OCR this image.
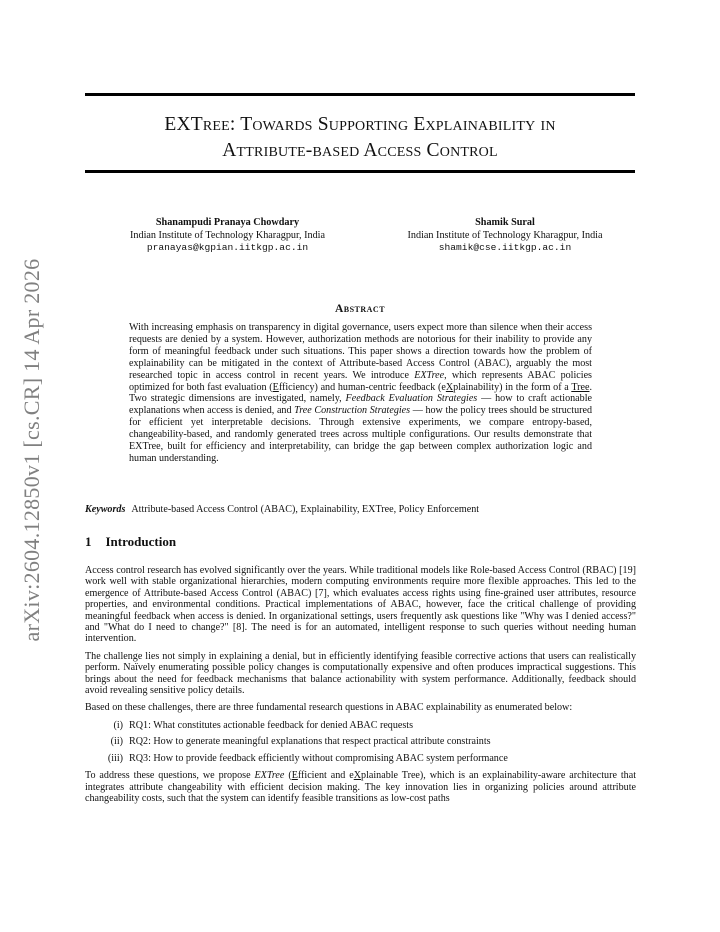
arXiv:2604.12850v1 [cs.CR] 14 Apr 2026
EXTree: Towards Supporting Explainability in
Attribute-based Access Control
Shanampudi Pranaya Chowdary
Indian Institute of Technology Kharagpur, India
pranayas@kgpian.iitkgp.ac.in
Shamik Sural
Indian Institute of Technology Kharagpur, India
shamik@cse.iitkgp.ac.in
Abstract
With increasing emphasis on transparency in digital governance, users expect more than silence when their access requests are denied by a system. However, authorization methods are notorious for their inability to provide any form of meaningful feedback under such situations. This paper shows a direction towards how the problem of explainability can be mitigated in the context of Attribute-based Access Control (ABAC), arguably the most researched topic in access control in recent years. We introduce EXTree, which represents ABAC policies optimized for both fast evaluation (Efficiency) and human-centric feedback (eXplainability) in the form of a Tree. Two strategic dimensions are investigated, namely, Feedback Evaluation Strategies — how to craft actionable explanations when access is denied, and Tree Construction Strategies — how the policy trees should be structured for efficient yet interpretable decisions. Through extensive experiments, we compare entropy-based, changeability-based, and randomly generated trees across multiple configurations. Our results demonstrate that EXTree, built for efficiency and interpretability, can bridge the gap between complex authorization logic and human understanding.
Keywords Attribute-based Access Control (ABAC), Explainability, EXTree, Policy Enforcement
1 Introduction

Access control research has evolved significantly over the years. While traditional models like Role-based Access Control (RBAC) [19] work well with stable organizational hierarchies, modern computing environments require more flexible approaches. This led to the emergence of Attribute-based Access Control (ABAC) [7], which evaluates access rights using fine-grained user attributes, resource properties, and environmental conditions. Practical implementations of ABAC, however, face the critical challenge of providing meaningful feedback when access is denied. In organizational settings, users frequently ask questions like "Why was I denied access?" and "What do I need to change?" [8]. The need is for an automated, intelligent response to such queries without needing human intervention.

The challenge lies not simply in explaining a denial, but in efficiently identifying feasible corrective actions that users can realistically perform. Naïvely enumerating possible policy changes is computationally expensive and often produces impractical suggestions. This brings about the need for feedback mechanisms that balance actionability with system performance. Additionally, feedback should avoid revealing sensitive policy details.

Based on these challenges, there are three fundamental research questions in ABAC explainability as enumerated below:

(i) RQ1: What constitutes actionable feedback for denied ABAC requests
(ii) RQ2: How to generate meaningful explanations that respect practical attribute constraints
(iii) RQ3: How to provide feedback efficiently without compromising ABAC system performance

To address these questions, we propose EXTree (Efficient and eXplainable Tree), which is an explainability-aware architecture that integrates attribute changeability with efficient decision making. The key innovation lies in organizing policies around attribute changeability costs, such that the system can identify feasible transitions as low-cost paths
